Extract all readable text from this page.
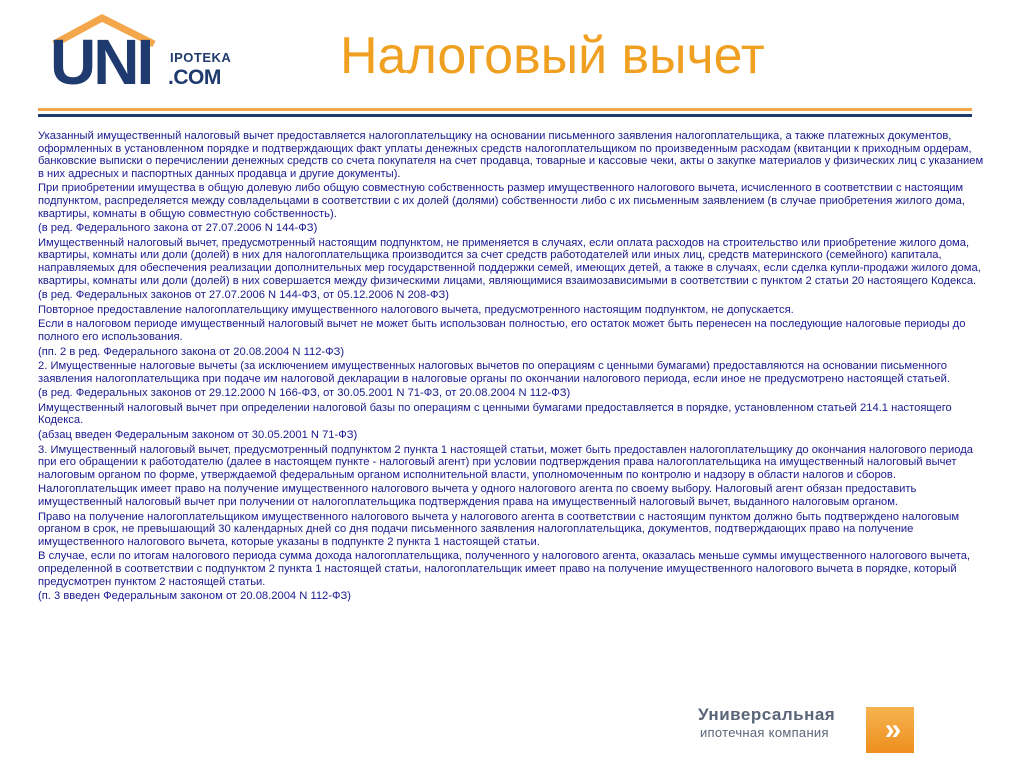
UNI IPOTEKA
.COM Налоговый вычет

Указанный имущественный налоговый вычет предоставляется налогоплательщику на основании письменного заявления налогоплательщика, а также платежных документов, оформленных в установленном порядке и подтверждающих факт уплаты денежных средств налогоплательщиком по произведенным расходам (квитанции к приходным ордерам, банковские выписки о перечислении денежных средств со счета покупателя на счет продавца, товарные и кассовые чеки, акты о закупке материалов у физических лиц с указанием в них адресных и паспортных данных продавца и другие документы).

При приобретении имущества в общую долевую либо общую совместную собственность размер имущественного налогового вычета, исчисленного в соответствии с настоящим подпунктом, распределяется между совладельцами в соответствии с их долей (долями) собственности либо с их письменным заявлением (в случае приобретения жилого дома, квартиры, комнаты в общую совместную собственность).

(в ред. Федерального закона от 27.07.2006 N 144-ФЗ)

Имущественный налоговый вычет, предусмотренный настоящим подпунктом, не применяется в случаях, если оплата расходов на строительство или приобретение жилого дома, квартиры, комнаты или доли (долей) в них для налогоплательщика производится за счет средств работодателей или иных лиц, средств материнского (семейного) капитала, направляемых для обеспечения реализации дополнительных мер государственной поддержки семей, имеющих детей, а также в случаях, если сделка купли-продажи жилого дома, квартиры, комнаты или доли (долей) в них совершается между физическими лицами, являющимися взаимозависимыми в соответствии с пунктом 2 статьи 20 настоящего Кодекса.

(в ред. Федеральных законов от 27.07.2006 N 144-ФЗ, от 05.12.2006 N 208-ФЗ)

Повторное предоставление налогоплательщику имущественного налогового вычета, предусмотренного настоящим подпунктом, не допускается.

Если в налоговом периоде имущественный налоговый вычет не может быть использован полностью, его остаток может быть перенесен на последующие налоговые периоды до полного его использования.

(пп. 2 в ред. Федерального закона от 20.08.2004 N 112-ФЗ)

2. Имущественные налоговые вычеты (за исключением имущественных налоговых вычетов по операциям с ценными бумагами) предоставляются на основании письменного заявления налогоплательщика при подаче им налоговой декларации в налоговые органы по окончании налогового периода, если иное не предусмотрено настоящей статьей.

(в ред. Федеральных законов от 29.12.2000 N 166-ФЗ, от 30.05.2001 N 71-ФЗ, от 20.08.2004 N 112-ФЗ)

Имущественный налоговый вычет при определении налоговой базы по операциям с ценными бумагами предоставляется в порядке, установленном статьей 214.1 настоящего Кодекса.

(абзац введен Федеральным законом от 30.05.2001 N 71-ФЗ)

3. Имущественный налоговый вычет, предусмотренный подпунктом 2 пункта 1 настоящей статьи, может быть предоставлен налогоплательщику до окончания налогового периода при его обращении к работодателю (далее в настоящем пункте - налоговый агент) при условии подтверждения права налогоплательщика на имущественный налоговый вычет налоговым органом по форме, утверждаемой федеральным органом исполнительной власти, уполномоченным по контролю и надзору в области налогов и сборов.

Налогоплательщик имеет право на получение имущественного налогового вычета у одного налогового агента по своему выбору. Налоговый агент обязан предоставить имущественный налоговый вычет при получении от налогоплательщика подтверждения права на имущественный налоговый вычет, выданного налоговым органом.

Право на получение налогоплательщиком имущественного налогового вычета у налогового агента в соответствии с настоящим пунктом должно быть подтверждено налоговым органом в срок, не превышающий 30 календарных дней со дня подачи письменного заявления налогоплательщика, документов, подтверждающих право на получение имущественного налогового вычета, которые указаны в подпункте 2 пункта 1 настоящей статьи.

В случае, если по итогам налогового периода сумма дохода налогоплательщика, полученного у налогового агента, оказалась меньше суммы имущественного налогового вычета, определенной в соответствии с подпунктом 2 пункта 1 настоящей статьи, налогоплательщик имеет право на получение имущественного налогового вычета в порядке, который предусмотрен пунктом 2 настоящей статьи.

(п. 3 введен Федеральным законом от 20.08.2004 N 112-ФЗ)

Универсальная
ипотечная компания	»
